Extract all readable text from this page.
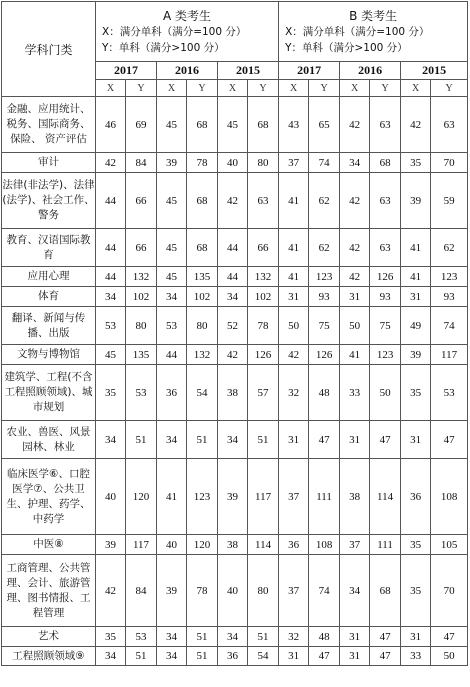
学科门类	A 类考生
X：满分单科（满分=100 分）
Y：单科（满分>100 分）						B 类考生
X：满分单科（满分=100 分）
Y：单科（满分>100 分）					

	2017		2016		2015		2017		2016		2015	
	X	Y	X	Y	X	Y	X	Y	X	Y	X	Y
金融、应用统计、税务、国际商务、保险、 资产评估	46	69	45	68	45	68	43	65	42	63	42	63
审计	42	84	39	78	40	80	37	74	34	68	35	70
法律(非法学)、法律(法学)、社会工作、警务	44	66	45	68	42	63	41	62	42	63	39	59
教育、汉语国际教育	44	66	45	68	44	66	41	62	42	63	41	62
应用心理	44	132	45	135	44	132	41	123	42	126	41	123
体育	34	102	34	102	34	102	31	93	31	93	31	93
翻译、新闻与传播、出版	53	80	53	80	52	78	50	75	50	75	49	74
文物与博物馆	45	135	44	132	42	126	42	126	41	123	39	117
建筑学、工程(不含工程照顾领域)、城市规划	35	53	36	54	38	57	32	48	33	50	35	53
农业、兽医、风景园林、林业	34	51	34	51	34	51	31	47	31	47	31	47
临床医学⑥、口腔医学⑦、公共卫生、护理、药学、中药学	40	120	41	123	39	117	37	111	38	114	36	108
中医⑧	39	117	40	120	38	114	36	108	37	111	35	105
工商管理、公共管理、会计、旅游管理、图书情报、工程管理	42	84	39	78	40	80	37	74	34	68	35	70
艺术	35	53	34	51	34	51	32	48	31	47	31	47
工程照顾领域⑨	34	51	34	51	36	54	31	47	31	47	33	50
